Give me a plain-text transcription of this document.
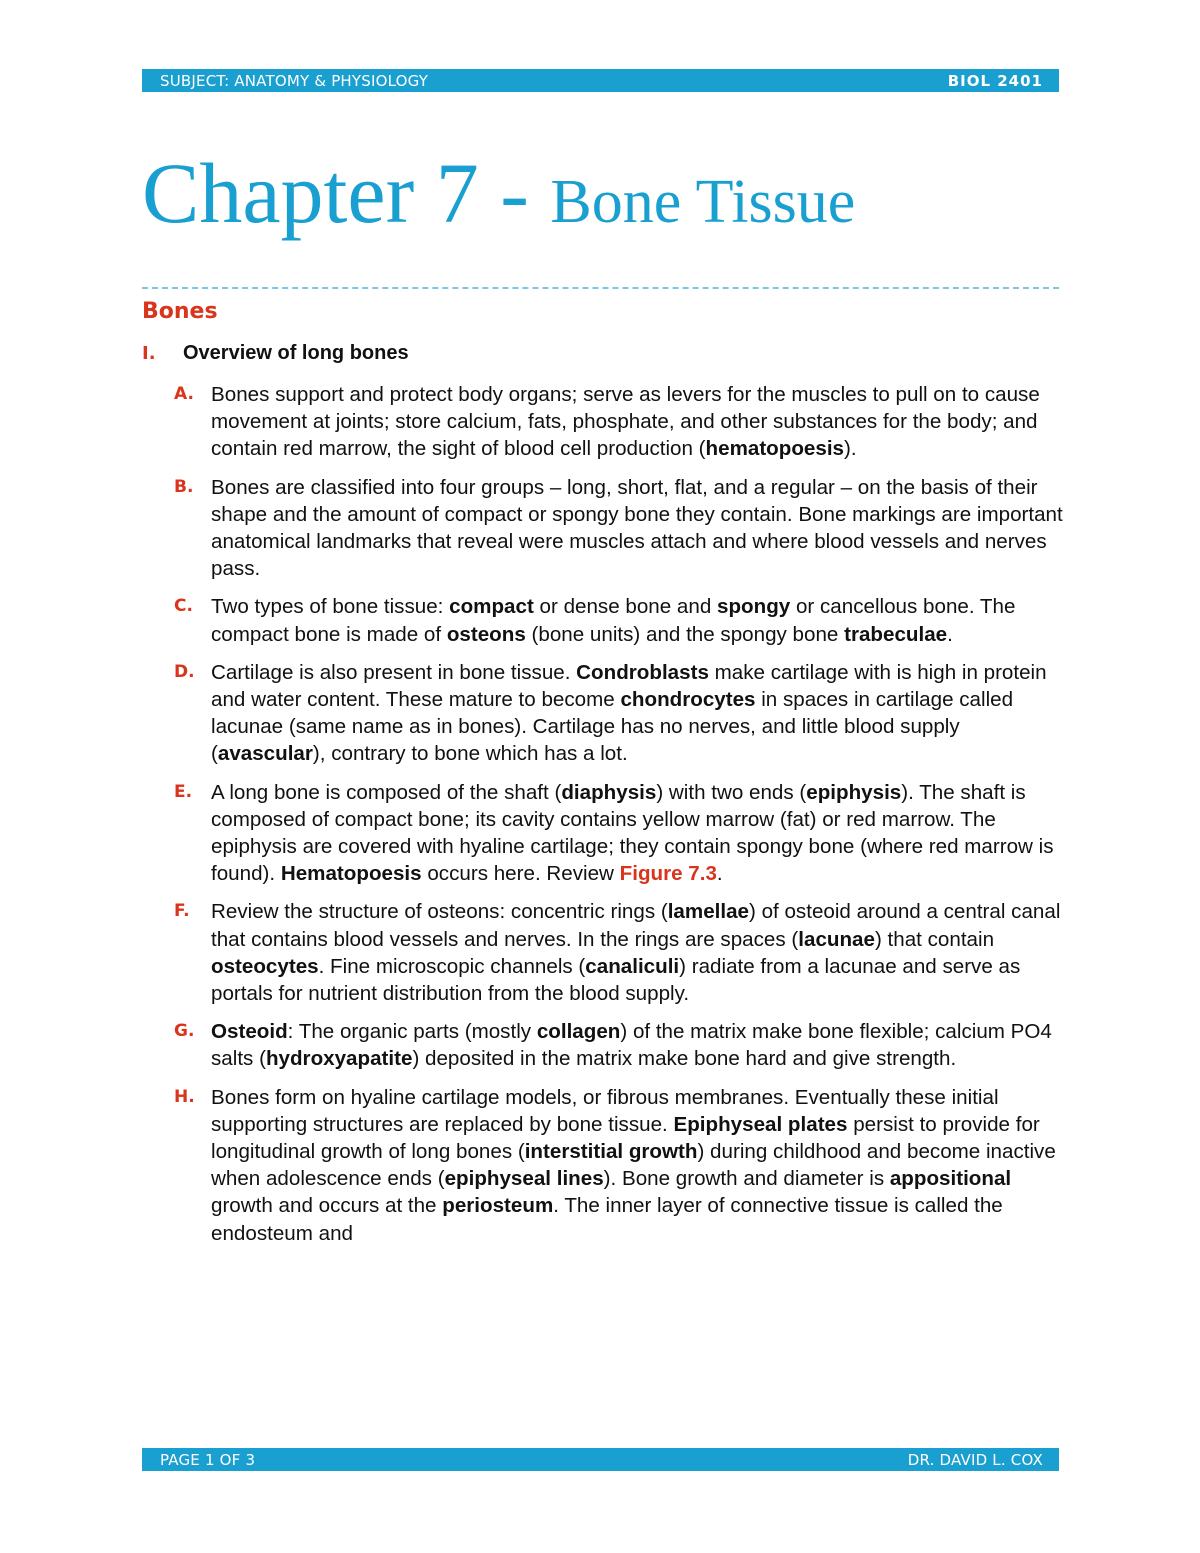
SUBJECT: ANATOMY & PHYSIOLOGY	BIOL 2401
Chapter 7 - Bone Tissue
Bones
I.	Overview of long bones
A. Bones support and protect body organs; serve as levers for the muscles to pull on to cause movement at joints; store calcium, fats, phosphate, and other substances for the body; and contain red marrow, the sight of blood cell production (hematopoesis).
B. Bones are classified into four groups – long, short, flat, and a regular – on the basis of their shape and the amount of compact or spongy bone they contain. Bone markings are important anatomical landmarks that reveal were muscles attach and where blood vessels and nerves pass.
C. Two types of bone tissue: compact or dense bone and spongy or cancellous bone. The compact bone is made of osteons (bone units) and the spongy bone trabeculae.
D. Cartilage is also present in bone tissue. Condroblasts make cartilage with is high in protein and water content. These mature to become chondrocytes in spaces in cartilage called lacunae (same name as in bones). Cartilage has no nerves, and little blood supply (avascular), contrary to bone which has a lot.
E. A long bone is composed of the shaft (diaphysis) with two ends (epiphysis). The shaft is composed of compact bone; its cavity contains yellow marrow (fat) or red marrow. The epiphysis are covered with hyaline cartilage; they contain spongy bone (where red marrow is found). Hematopoesis occurs here. Review Figure 7.3.
F.	Review the structure of osteons: concentric rings (lamellae) of osteoid around a central canal that contains blood vessels and nerves. In the rings are spaces (lacunae) that contain osteocytes. Fine microscopic channels (canaliculi) radiate from a lacunae and serve as portals for nutrient distribution from the blood supply.
G. Osteoid: The organic parts (mostly collagen) of the matrix make bone flexible; calcium PO4 salts (hydroxyapatite) deposited in the matrix make bone hard and give strength.
H. Bones form on hyaline cartilage models, or fibrous membranes. Eventually these initial supporting structures are replaced by bone tissue. Epiphyseal plates persist to provide for longitudinal growth of long bones (interstitial growth) during childhood and become inactive when adolescence ends (epiphyseal lines). Bone growth and diameter is appositional growth and occurs at the periosteum. The inner layer of connective tissue is called the endosteum and
PAGE 1 OF 3	DR. DAVID L. COX
